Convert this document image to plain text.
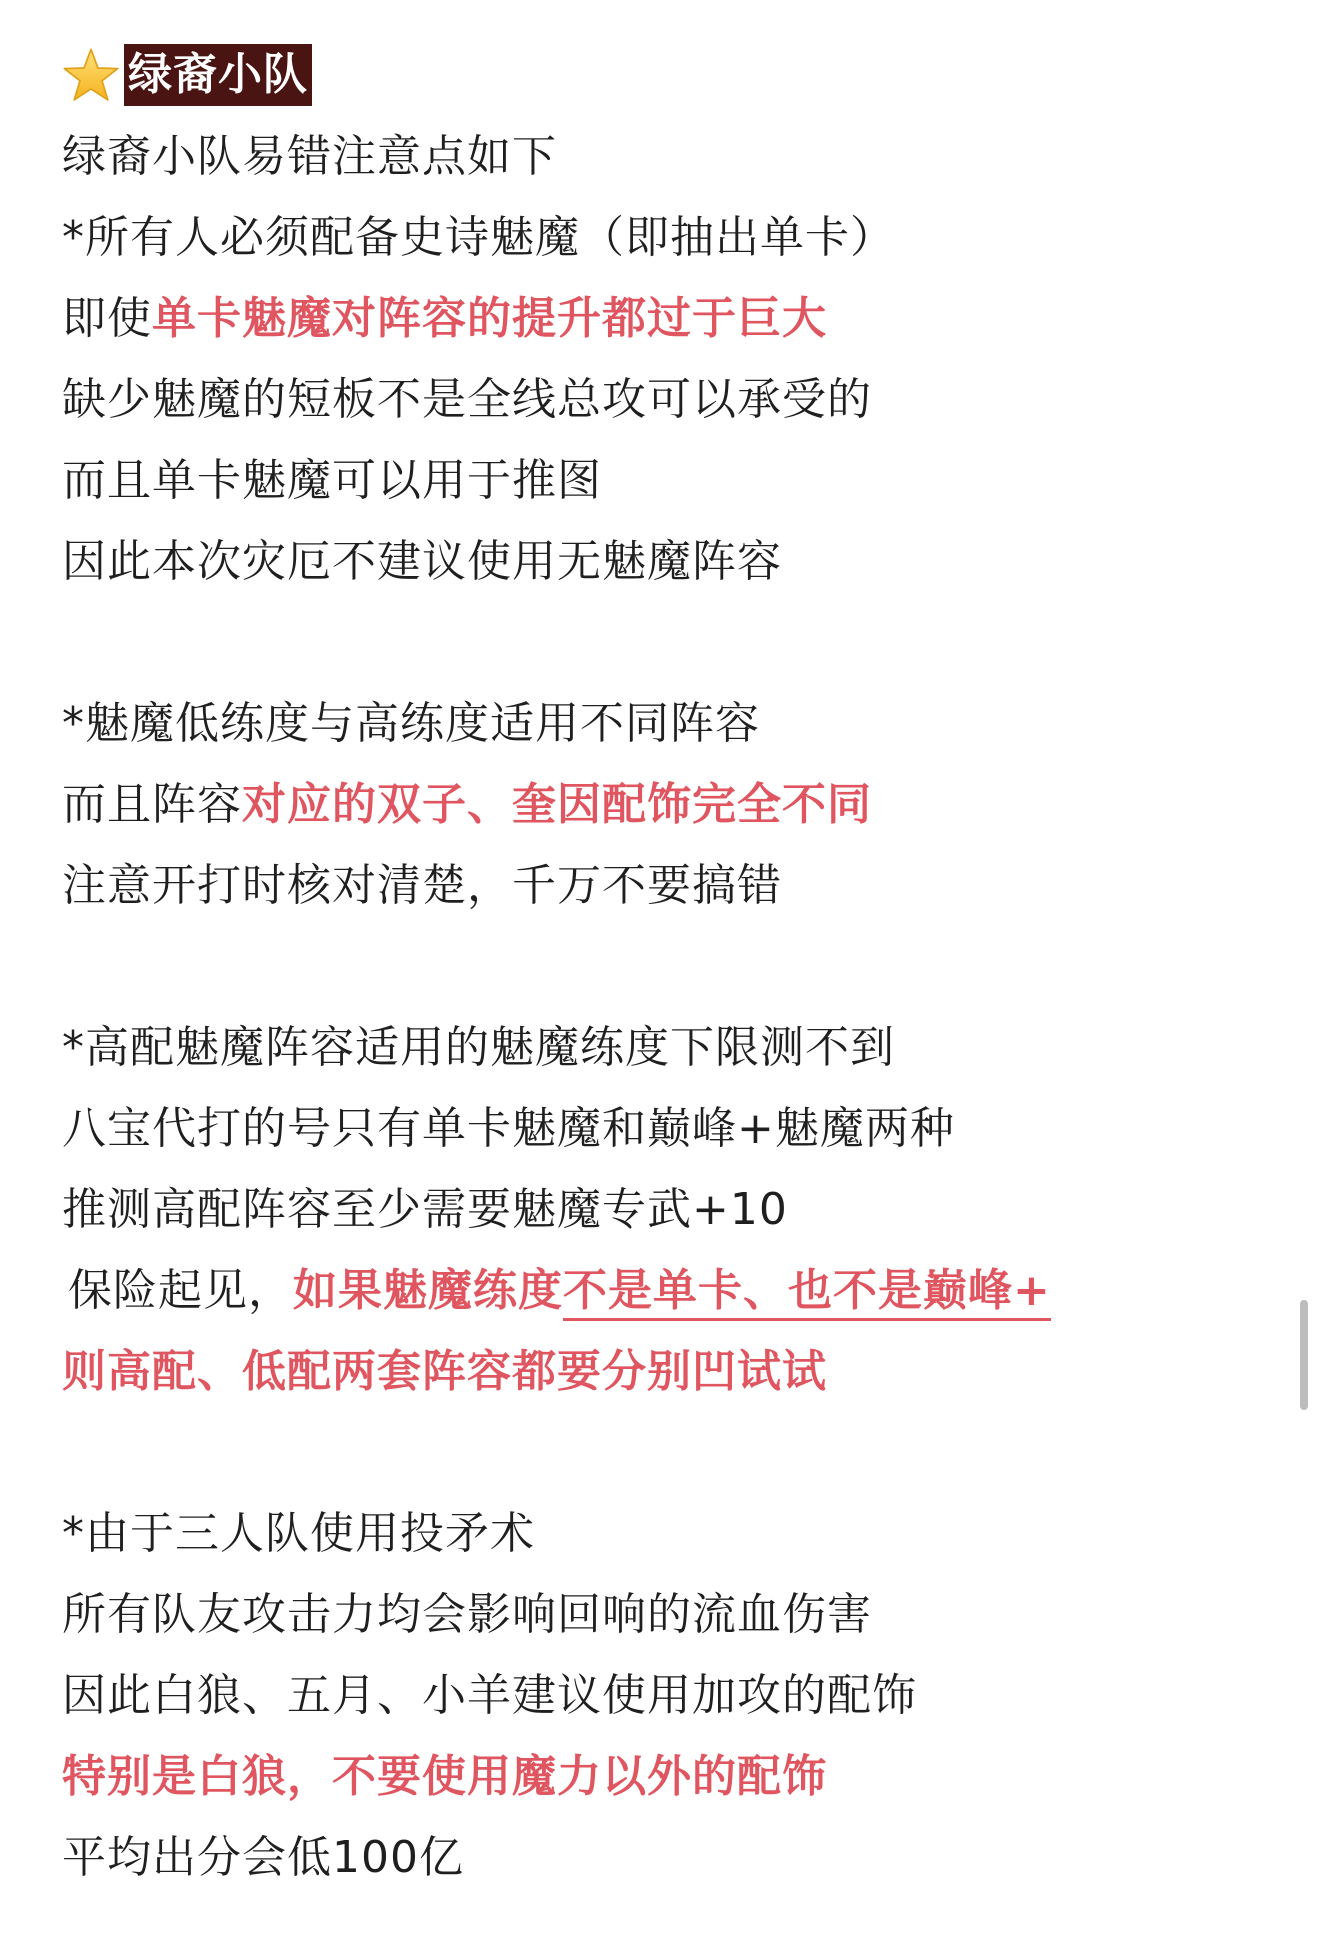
绿裔小队
绿裔小队易错注意点如下
*所有人必须配备史诗魅魔（即抽出单卡）
即使单卡魅魔对阵容的提升都过于巨大
缺少魅魔的短板不是全线总攻可以承受的
而且单卡魅魔可以用于推图
因此本次灾厄不建议使用无魅魔阵容
*魅魔低练度与高练度适用不同阵容
而且阵容对应的双子、奎因配饰完全不同
注意开打时核对清楚，千万不要搞错
*高配魅魔阵容适用的魅魔练度下限测不到
八宝代打的号只有单卡魅魔和巅峰+魅魔两种
推测高配阵容至少需要魅魔专武+10
保险起见，如果魅魔练度不是单卡、也不是巅峰+
则高配、低配两套阵容都要分别凹试试
*由于三人队使用投矛术
所有队友攻击力均会影响回响的流血伤害
因此白狼、五月、小羊建议使用加攻的配饰
特别是白狼，不要使用魔力以外的配饰
平均出分会低100亿
